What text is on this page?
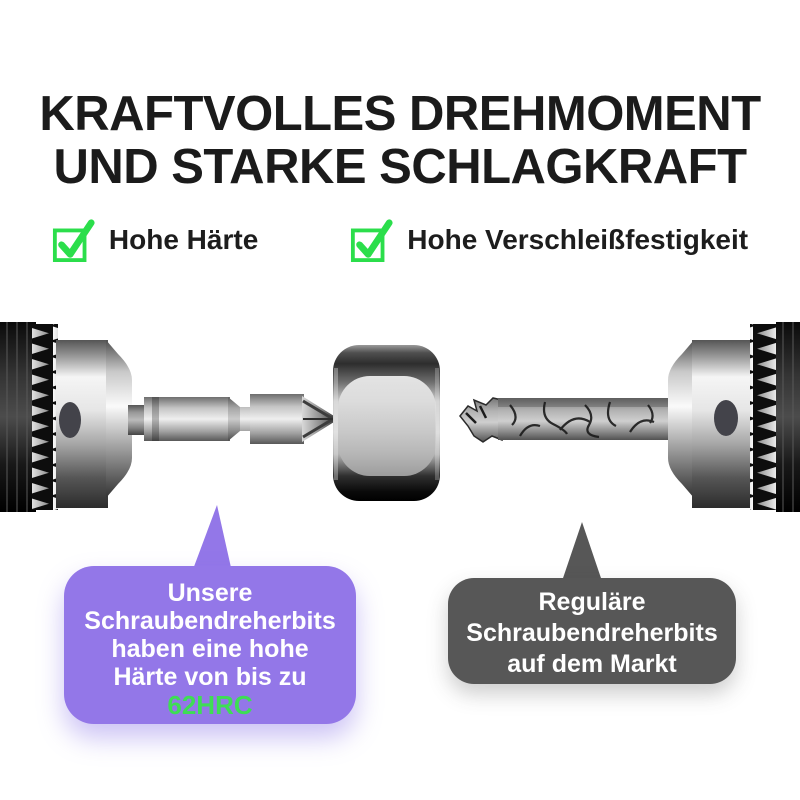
KRAFTVOLLES DREHMOMENT
UND STARKE SCHLAGKRAFT
Hohe Härte	Hohe Verschleißfestigkeit
Unsere
Schraubendreherbits
haben eine hohe
Härte von bis zu
62HRC
Reguläre
Schraubendreherbits
auf dem Markt
